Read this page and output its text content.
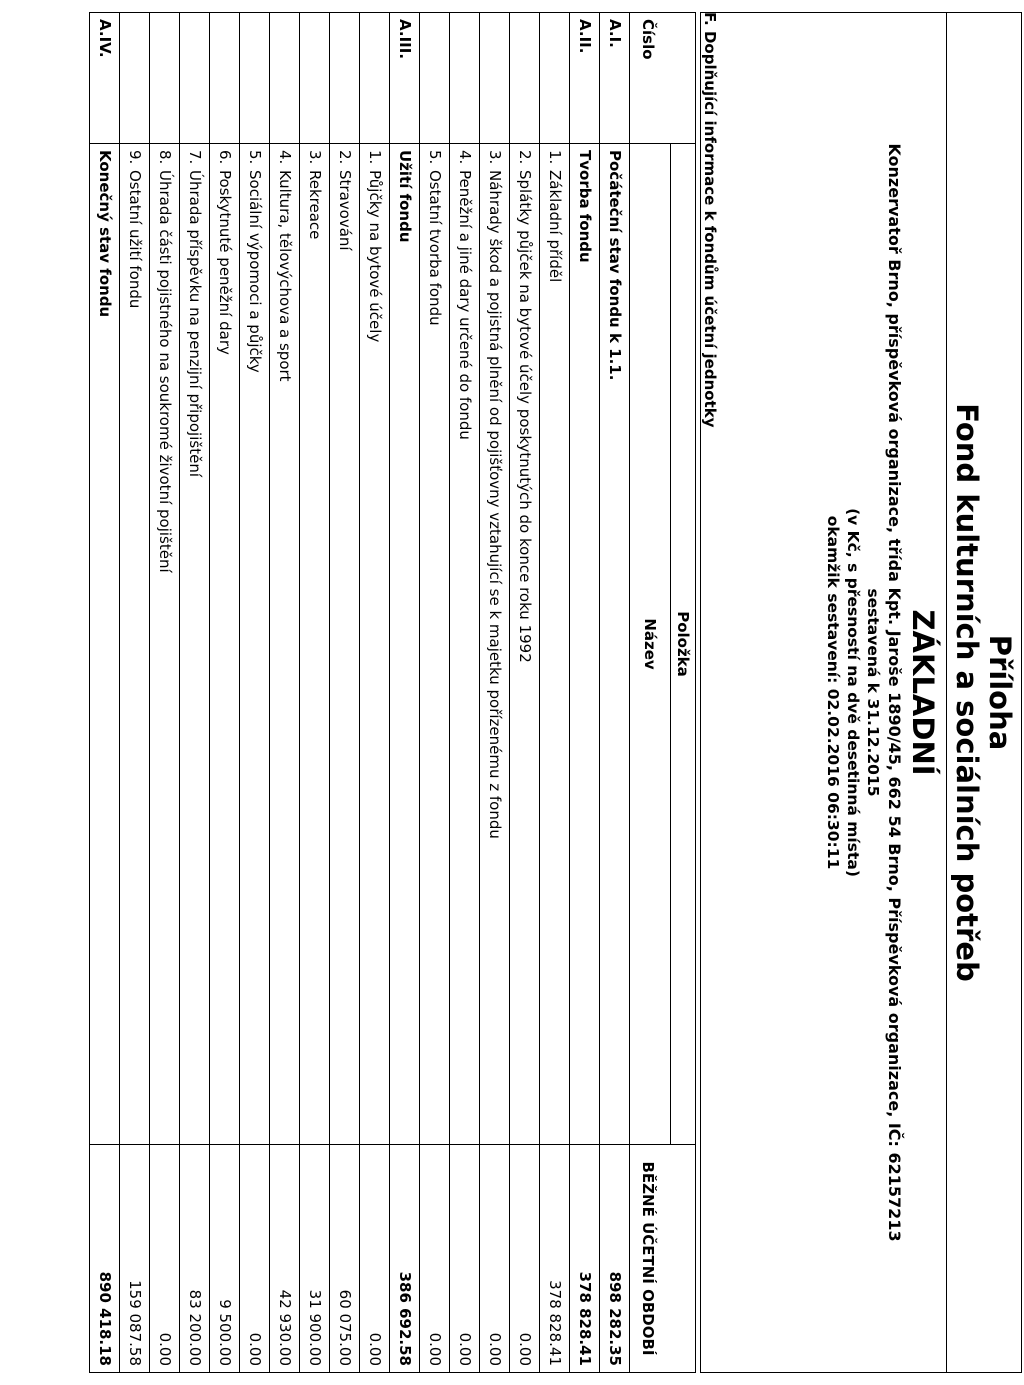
Příloha
Fond kulturních a sociálních potřeb
ZÁKLADNÍ
Konzervatoř Brno, příspěvková organizace, třída Kpt. Jaroše 1890/45, 662 54 Brno, Příspěvková organizace, IČ: 62157213
sestavená k 31.12.2015
(v Kč, s přesností na dvě desetinná místa)
okamžik sestavení: 02.02.2016 06:30:11
F. Doplňující informace k fondům účetní jednotky
Číslo	Položka	BĚŽNÉ ÚČETNÍ OBDOBÍ
	Název	
A.I.	Počáteční stav fondu k 1.1.	898 282.35
A.II.	Tvorba fondu	378 828.41
	1.Základní příděl	378 828.41
	2.Splátky půjček na bytové účely poskytnutých do konce roku 1992	0.00
	3.Náhrady škod a pojistná plnění od pojišťovny vztahující se k majetku pořízenému z fondu	0.00
	4.Peněžní a jiné dary určené do fondu	0.00
	5.Ostatní tvorba fondu	0.00
A.III.	Užití fondu	386 692.58
	1.Půjčky na bytové účely	0.00
	2.Stravování	60 075.00
	3.Rekreace	31 900.00
	4.Kultura, tělovýchova a sport	42 930.00
	5.Sociální výpomoci a půjčky	0.00
	6.Poskytnuté peněžní dary	9 500.00
	7.Úhrada příspěvku na penzijní připojištění	83 200.00
	8.Úhrada části pojistného na soukromé životní pojištění	0.00
	9.Ostatní užití fondu	159 087.58
A.IV.	Konečný stav fondu	890 418.18
